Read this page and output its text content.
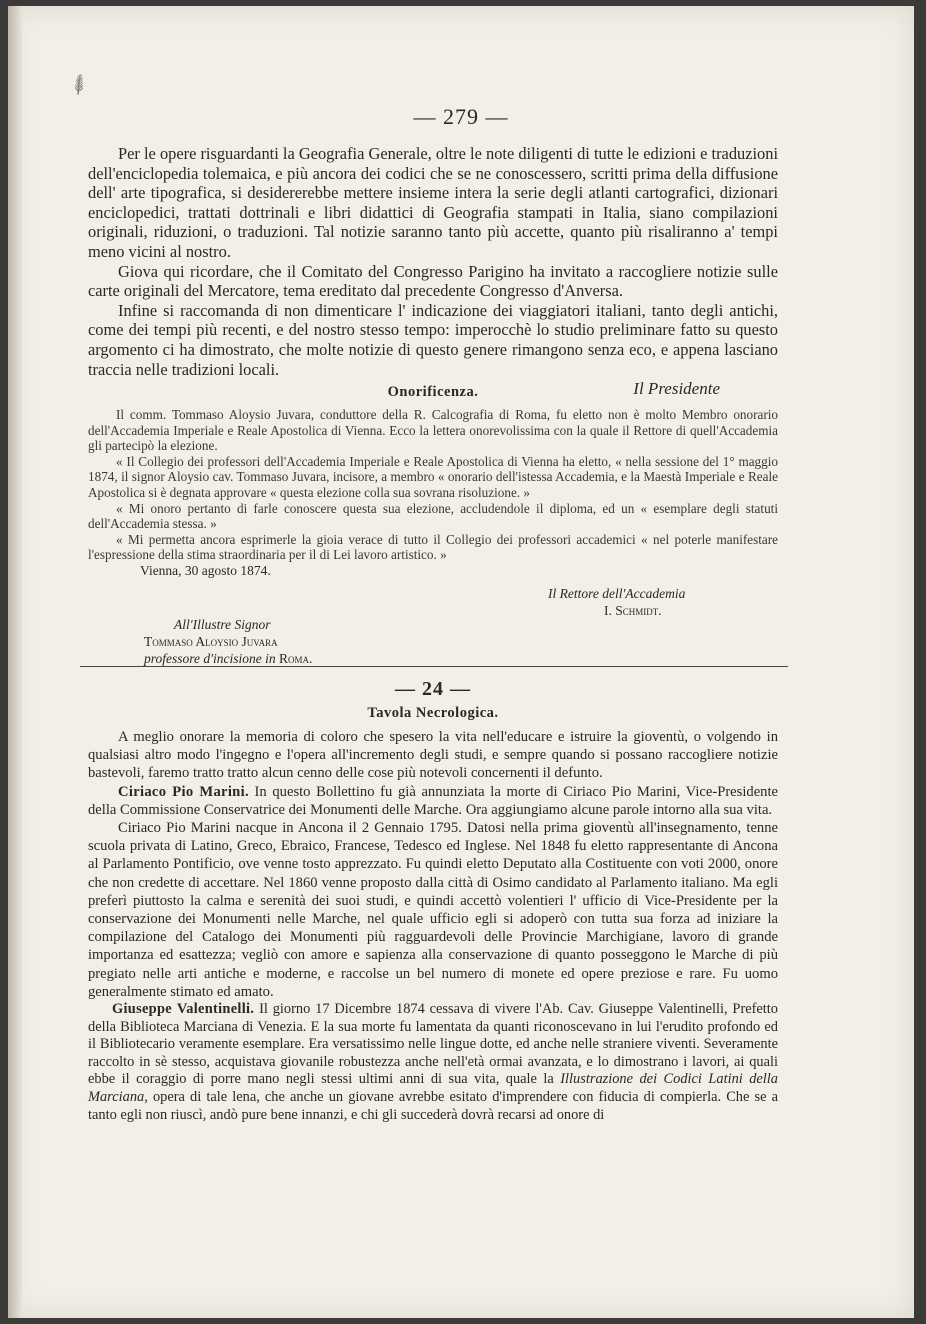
⸙
— 279 —

Per le opere risguardanti la Geografia Generale, oltre le note diligenti di tutte le edizioni e traduzioni dell'enciclopedia tolemaica, e più ancora dei codici che se ne conoscessero, scritti prima della diffusione dell' arte tipografica, si desidererebbe mettere insieme intera la serie degli atlanti cartografici, dizionari enciclopedici, trattati dottrinali e libri didattici di Geografia stampati in Italia, siano compilazioni originali, riduzioni, o traduzioni. Tal notizie saranno tanto più accette, quanto più risaliranno a' tempi meno vicini al nostro.

Giova qui ricordare, che il Comitato del Congresso Parigino ha invitato a raccogliere notizie sulle carte originali del Mercatore, tema ereditato dal precedente Congresso d'Anversa.

Infine si raccomanda di non dimenticare l' indicazione dei viaggiatori italiani, tanto degli antichi, come dei tempi più recenti, e del nostro stesso tempo: imperocchè lo studio preliminare fatto su questo argomento ci ha dimostrato, che molte notizie di questo genere rimangono senza eco, e appena lasciano traccia nelle tradizioni locali.

Il Presidente
Onorificenza.

Il comm. Tommaso Aloysio Juvara, conduttore della R. Calcografia di Roma, fu eletto non è molto Membro onorario dell'Accademia Imperiale e Reale Apostolica di Vienna. Ecco la lettera onorevolissima con la quale il Rettore di quell'Accademia gli partecipò la elezione.

« Il Collegio dei professori dell'Accademia Imperiale e Reale Apostolica di Vienna ha eletto, « nella sessione del 1° maggio 1874, il signor Aloysio cav. Tommaso Juvara, incisore, a membro « onorario dell'istessa Accademia, e la Maestà Imperiale e Reale Apostolica si è degnata approvare « questa elezione colla sua sovrana risoluzione. »

« Mi onoro pertanto di farle conoscere questa sua elezione, accludendole il diploma, ed un « esemplare degli statuti dell'Accademia stessa. »

« Mi permetta ancora esprimerle la gioia verace di tutto il Collegio dei professori accademici « nel poterle manifestare l'espressione della stima straordinaria per il di Lei lavoro artistico. »

Vienna, 30 agosto 1874.
Il Rettore dell'Accademia
I. Schmidt.
All'Illustre Signor
Tommaso Aloysio Juvara
professore d'incisione in Roma.
— 24 —
Tavola Necrologica.

A meglio onorare la memoria di coloro che spesero la vita nell'educare e istruire la gioventù, o volgendo in qualsiasi altro modo l'ingegno e l'opera all'incremento degli studi, e sempre quando si possano raccogliere notizie bastevoli, faremo tratto tratto alcun cenno delle cose più notevoli concernenti il defunto.

Ciriaco Pio Marini. In questo Bollettino fu già annunziata la morte di Ciriaco Pio Marini, Vice-Presidente della Commissione Conservatrice dei Monumenti delle Marche. Ora aggiungiamo alcune parole intorno alla sua vita.

Ciriaco Pio Marini nacque in Ancona il 2 Gennaio 1795. Datosi nella prima gioventù all'insegnamento, tenne scuola privata di Latino, Greco, Ebraico, Francese, Tedesco ed Inglese. Nel 1848 fu eletto rappresentante di Ancona al Parlamento Pontificio, ove venne tosto apprezzato. Fu quindi eletto Deputato alla Costituente con voti 2000, onore che non credette di accettare. Nel 1860 venne proposto dalla città di Osimo candidato al Parlamento italiano. Ma egli preferì piuttosto la calma e serenità dei suoi studi, e quindi accettò volentieri l' ufficio di Vice-Presidente per la conservazione dei Monumenti nelle Marche, nel quale ufficio egli si adoperò con tutta sua forza ad iniziare la compilazione del Catalogo dei Monumenti più ragguardevoli delle Provincie Marchigiane, lavoro di grande importanza ed esattezza; vegliò con amore e sapienza alla conservazione di quanto posseggono le Marche di più pregiato nelle arti antiche e moderne, e raccolse un bel numero di monete ed opere preziose e rare. Fu uomo generalmente stimato ed amato.

Giuseppe Valentinelli. Il giorno 17 Dicembre 1874 cessava di vivere l'Ab. Cav. Giuseppe Valentinelli, Prefetto della Biblioteca Marciana di Venezia. E la sua morte fu lamentata da quanti riconoscevano in lui l'erudito profondo ed il Bibliotecario veramente esemplare. Era versatissimo nelle lingue dotte, ed anche nelle straniere viventi. Severamente raccolto in sè stesso, acquistava giovanile robustezza anche nell'età ormai avanzata, e lo dimostrano i lavori, ai quali ebbe il coraggio di porre mano negli stessi ultimi anni di sua vita, quale la Illustrazione dei Codici Latini della Marciana, opera di tale lena, che anche un giovane avrebbe esitato d'imprendere con fiducia di compierla. Che se a tanto egli non riuscì, andò pure bene innanzi, e chi gli succederà dovrà recarsi ad onore di
